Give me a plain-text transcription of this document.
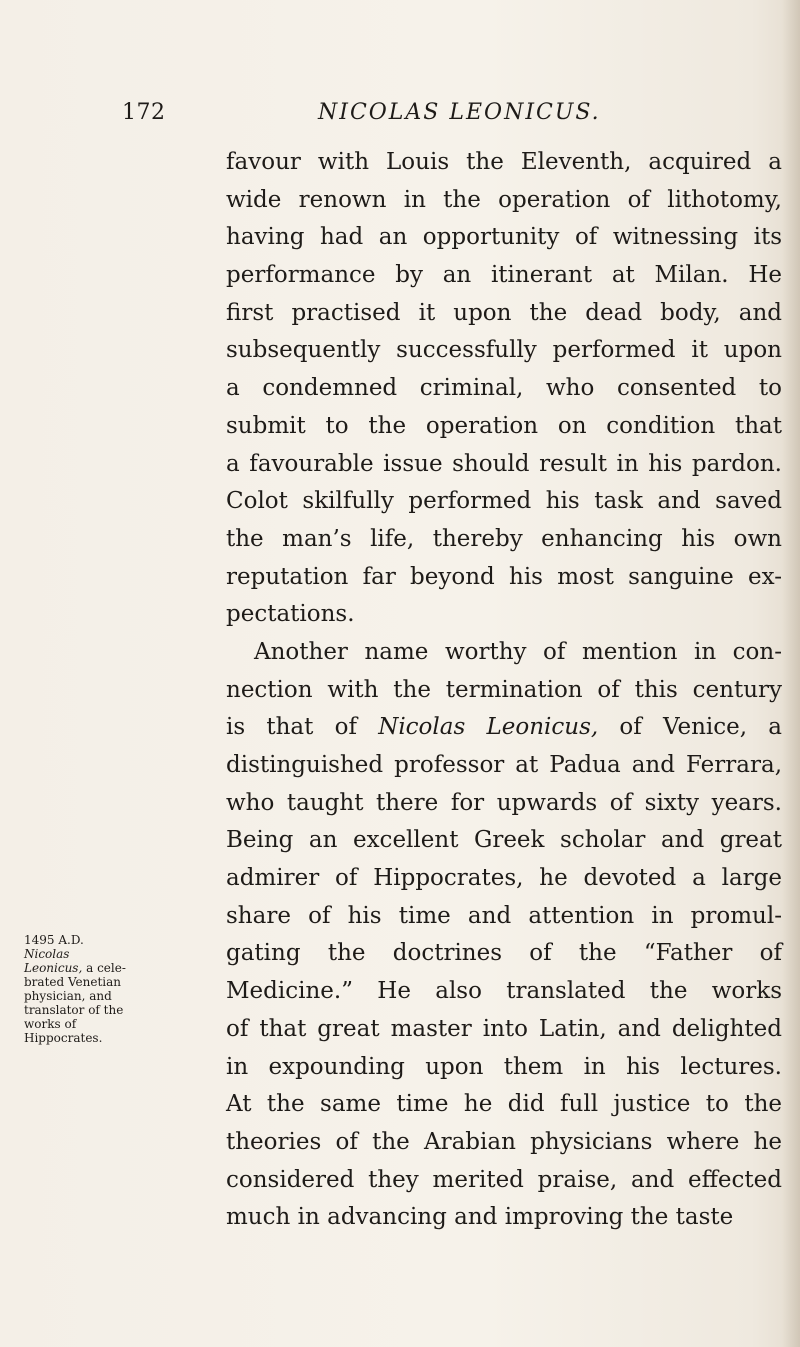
172	NICOLAS LEONICUS.
favour with Louis the Eleventh, acquired a
wide renown in the operation of lithotomy,
having had an opportunity of witnessing its
performance by an itinerant at Milan. He
first practised it upon the dead body, and
subsequently successfully performed it upon
a condemned criminal, who consented to
submit to the operation on condition that
a favourable issue should result in his pardon.
Colot skilfully performed his task and saved
the man’s life, thereby enhancing his own
reputation far beyond his most sanguine ex-
pectations.
Another name worthy of mention in con-
nection with the termination of this century
is that of Nicolas Leonicus, of Venice, a
distinguished professor at Padua and Ferrara,
who taught there for upwards of sixty years.
Being an excellent Greek scholar and great
admirer of Hippocrates, he devoted a large
share of his time and attention in promul-
gating the doctrines of the “Father of
Medicine.” He also translated the works
of that great master into Latin, and delighted
in expounding upon them in his lectures.
At the same time he did full justice to the
theories of the Arabian physicians where he
considered they merited praise, and effected
much in advancing and improving the taste
1495 A.D.
Nicolas
Leonicus, a cele-
brated Venetian
physician, and
translator of the
works of
Hippocrates.
